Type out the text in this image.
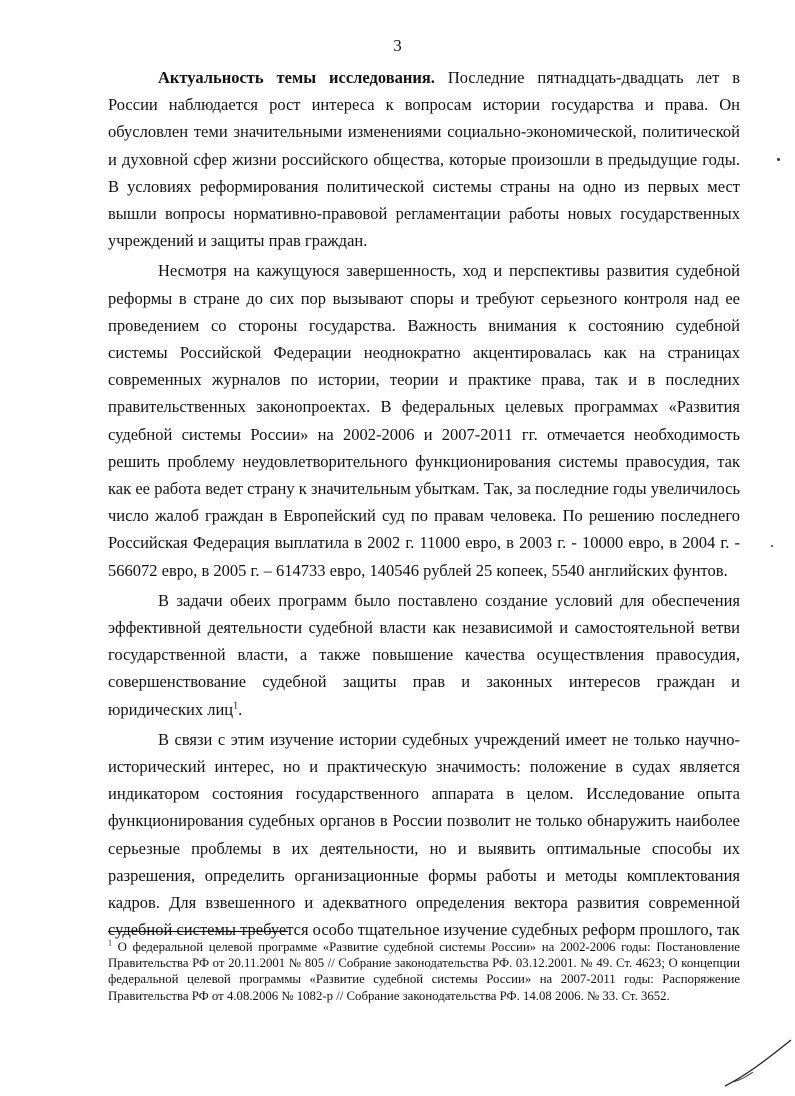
3

Актуальность темы исследования. Последние пятнадцать-двадцать лет в России наблюдается рост интереса к вопросам истории государства и права. Он обусловлен теми значительными изменениями социально-экономической, политической и духовной сфер жизни российского общества, которые произошли в предыдущие годы. В условиях реформирования политической системы страны на одно из первых мест вышли вопросы нормативно-правовой регламентации работы новых государственных учреждений и защиты прав граждан.

Несмотря на кажущуюся завершенность, ход и перспективы развития судебной реформы в стране до сих пор вызывают споры и требуют серьезного контроля над ее проведением со стороны государства. Важность внимания к состоянию судебной системы Российской Федерации неоднократно акцентировалась как на страницах современных журналов по истории, теории и практике права, так и в последних правительственных законопроектах. В федеральных целевых программах «Развития судебной системы России» на 2002-2006 и 2007-2011 гг. отмечается необходимость решить проблему неудовлетворительного функционирования системы правосудия, так как ее работа ведет страну к значительным убыткам. Так, за последние годы увеличилось число жалоб граждан в Европейский суд по правам человека. По решению последнего Российская Федерация выплатила в 2002 г. 11000 евро, в 2003 г. - 10000 евро, в 2004 г. - 566072 евро, в 2005 г. – 614733 евро, 140546 рублей 25 копеек, 5540 английских фунтов.

В задачи обеих программ было поставлено создание условий для обеспечения эффективной деятельности судебной власти как независимой и самостоятельной ветви государственной власти, а также повышение качества осуществления правосудия, совершенствование судебной защиты прав и законных интересов граждан и юридических лиц$^1$.

В связи с этим изучение истории судебных учреждений имеет не только научно-исторический интерес, но и практическую значимость: положение в судах является индикатором состояния государственного аппарата в целом. Исследование опыта функционирования судебных органов в России позволит не только обнаружить наиболее серьезные проблемы в их деятельности, но и выявить оптимальные способы их разрешения, определить организационные формы работы и методы комплектования кадров. Для взвешенного и адекватного определения вектора развития современной судебной системы требуется особо тщательное изучение судебных реформ прошлого, так

$^1$ О федеральной целевой программе «Развитие судебной системы России» на 2002-2006 годы: Постановление Правительства РФ от 20.11.2001 № 805 // Собрание законодательства РФ. 03.12.2001. № 49. Ст. 4623; О концепции федеральной целевой программы «Развитие судебной системы России» на 2007-2011 годы: Распоряжение Правительства РФ от 4.08.2006 № 1082-р // Собрание законодательства РФ. 14.08 2006. № 33. Ст. 3652.
